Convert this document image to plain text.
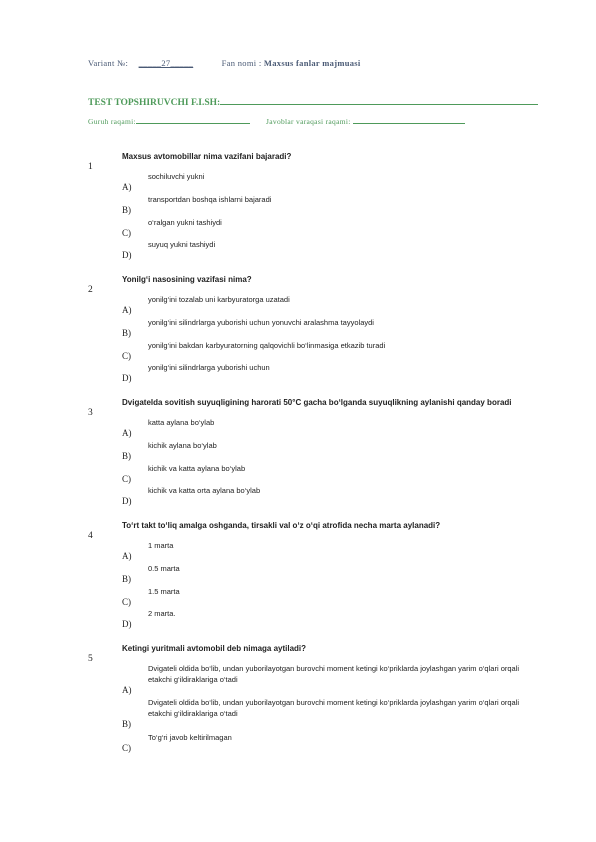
Variant №: _____27_____	Fan nomi : Maxsus fanlar majmuasi
TEST TOPSHIRUVCHI F.I.SH:
Guruh raqami:	Javoblar varaqasi raqami:
Maxsus avtomobillar nima vazifani bajaradi?
1
sochiluvchi yukni
A)
transportdan boshqa ishlarni bajaradi
B)
o‘ralgan yukni tashiydi
C)
suyuq yukni tashiydi
D)
Yonilg‘i nasosining vazifasi nima?
2
yonilg‘ini tozalab uni karbyuratorga uzatadi
A)
yonilg‘ini silindrlarga yuborishi uchun yonuvchi aralashma tayyolaydi
B)
yonilg‘ini bakdan karbyuratorning qalqovichli bo‘linmasiga etkazib turadi
C)
yonilg‘ini silindrlarga yuborishi uchun
D)
Dvigatelda sovitish suyuqligining harorati 50°C gacha bo‘lganda suyuqlikning aylanishi qanday boradi
3
katta aylana bo‘ylab
A)
kichik aylana bo‘ylab
B)
kichik va katta aylana bo‘ylab
C)
kichik va katta orta aylana bo‘ylab
D)
To‘rt takt to‘liq amalga oshganda, tirsakli val o‘z o‘qi atrofida necha marta aylanadi?
4
1 marta
A)
0.5 marta
B)
1.5 marta
C)
2 marta.
D)
Ketingi yuritmali avtomobil deb nimaga aytiladi?
5
Dvigateli oldida bo‘lib, undan yuborilayotgan burovchi moment ketingi ko‘priklarda joylashgan yarim o‘qlari orqali etakchi g‘ildiraklariga o‘tadi
A)
Dvigateli oldida bo‘lib, undan yuborilayotgan burovchi moment ketingi ko‘priklarda joylashgan yarim o‘qlari orqali etakchi g‘ildiraklariga o‘tadi
B)
To‘g‘ri javob keltirilmagan
C)
